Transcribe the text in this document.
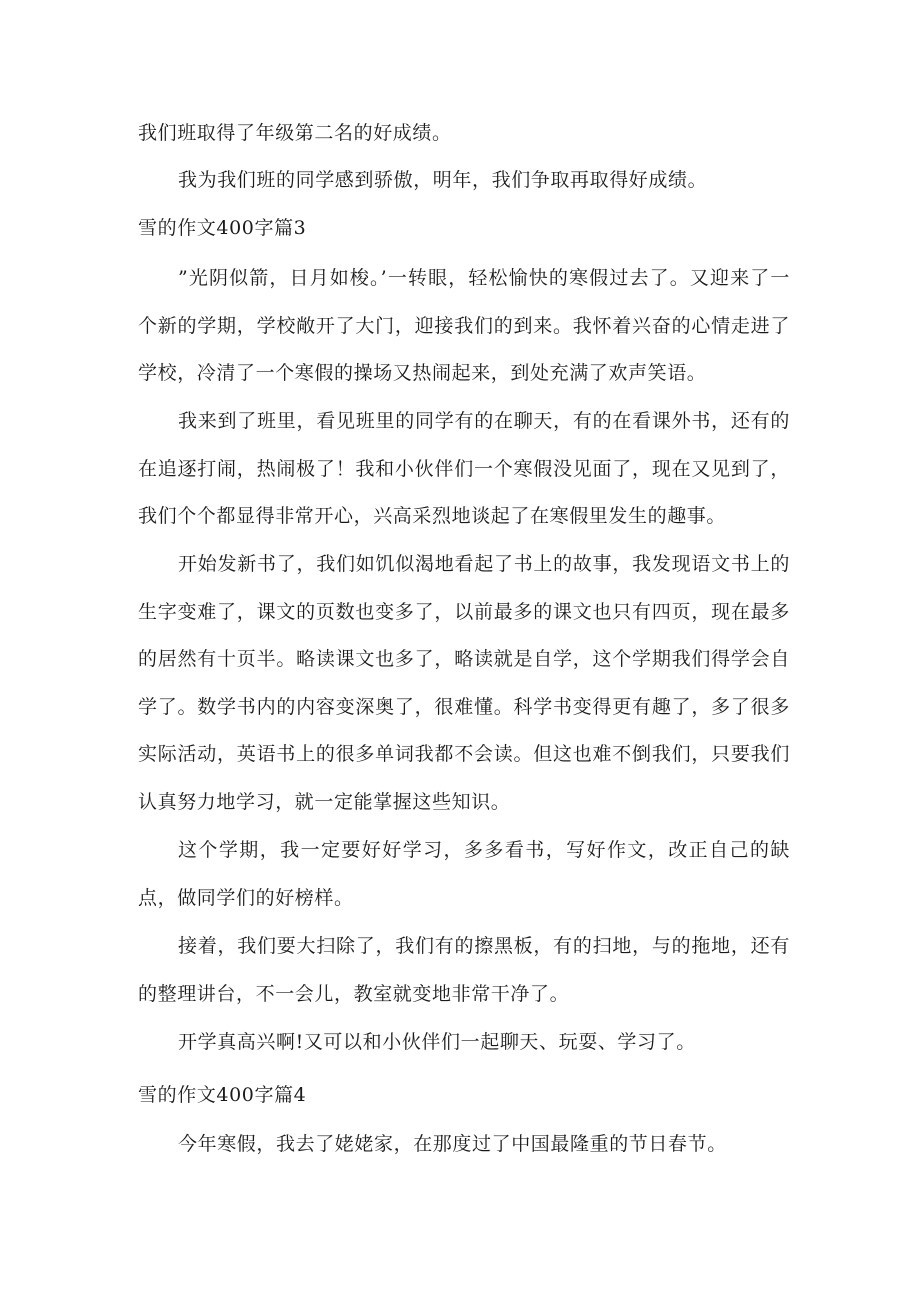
我们班取得了年级第二名的好成绩。

我为我们班的同学感到骄傲，明年，我们争取再取得好成绩。

雪的作文400字篇3

”光阴似箭，日月如梭。’一转眼，轻松愉快的寒假过去了。又迎来了一个新的学期，学校敞开了大门，迎接我们的到来。我怀着兴奋的心情走进了学校，冷清了一个寒假的操场又热闹起来，到处充满了欢声笑语。

我来到了班里，看见班里的同学有的在聊天，有的在看课外书，还有的在追逐打闹，热闹极了！我和小伙伴们一个寒假没见面了，现在又见到了，我们个个都显得非常开心，兴高采烈地谈起了在寒假里发生的趣事。

开始发新书了，我们如饥似渴地看起了书上的故事，我发现语文书上的生字变难了，课文的页数也变多了，以前最多的课文也只有四页，现在最多的居然有十页半。略读课文也多了，略读就是自学，这个学期我们得学会自学了。数学书内的内容变深奥了，很难懂。科学书变得更有趣了，多了很多实际活动，英语书上的很多单词我都不会读。但这也难不倒我们，只要我们认真努力地学习，就一定能掌握这些知识。

这个学期，我一定要好好学习，多多看书，写好作文，改正自己的缺点，做同学们的好榜样。

接着，我们要大扫除了，我们有的擦黑板，有的扫地，与的拖地，还有的整理讲台，不一会儿，教室就变地非常干净了。

开学真高兴啊!又可以和小伙伴们一起聊天、玩耍、学习了。

雪的作文400字篇4

今年寒假，我去了姥姥家，在那度过了中国最隆重的节日春节。
